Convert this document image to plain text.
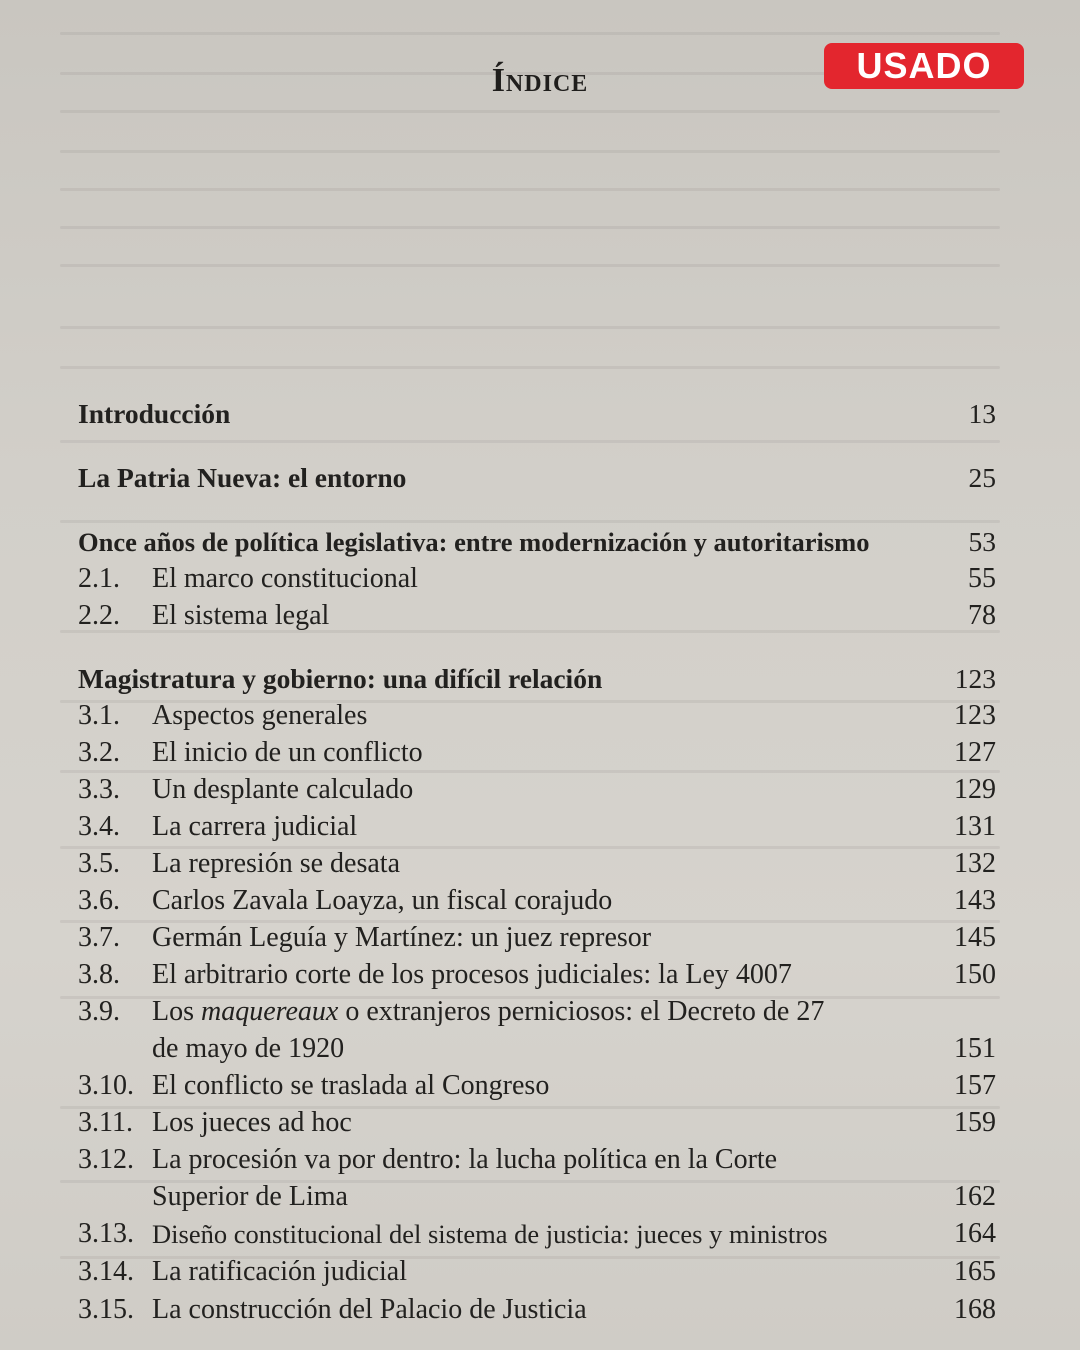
USADO
Índice
Introducción	13
La Patria Nueva: el entorno	25
Once años de política legislativa: entre modernización y autoritarismo	53
2.1. El marco constitucional	55
2.2. El sistema legal	78
Magistratura y gobierno: una difícil relación	123
3.1. Aspectos generales	123
3.2. El inicio de un conflicto	127
3.3. Un desplante calculado	129
3.4. La carrera judicial	131
3.5. La represión se desata	132
3.6. Carlos Zavala Loayza, un fiscal corajudo	143
3.7. Germán Leguía y Martínez: un juez represor	145
3.8. El arbitrario corte de los procesos judiciales: la Ley 4007	150
3.9. Los maquereaux o extranjeros perniciosos: el Decreto de 27
de mayo de 1920	151
3.10. El conflicto se traslada al Congreso	157
3.11. Los jueces ad hoc	159
3.12. La procesión va por dentro: la lucha política en la Corte
Superior de Lima	162
3.13. Diseño constitucional del sistema de justicia: jueces y ministros	164
3.14. La ratificación judicial	165
3.15. La construcción del Palacio de Justicia	168
